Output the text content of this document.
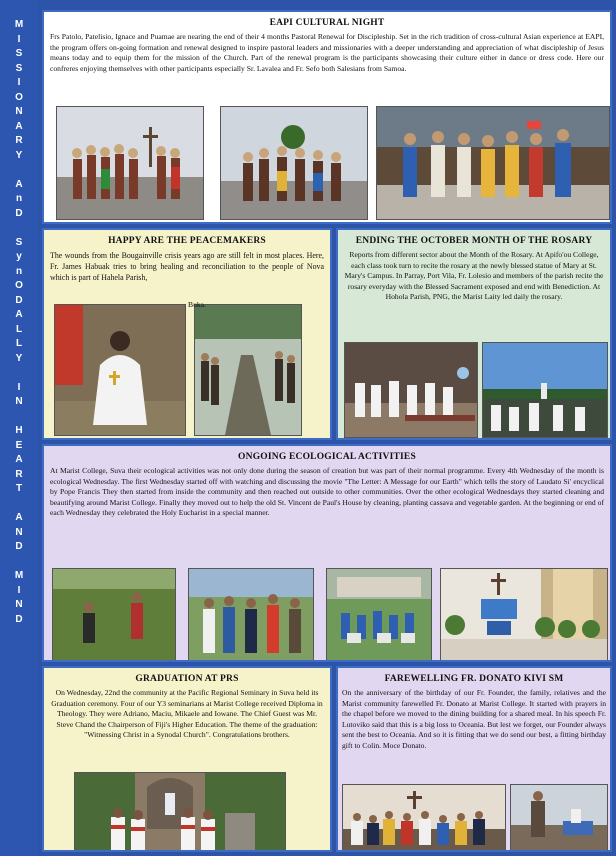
M
I
S
S
I
O
N
A
R
Y
A
n
D
S
y
n
O
D
A
L
L
Y
I
N
H
E
A
R
T
A
N
D
M
I
N
D
EAPI CULTURAL NIGHT

Frs Patolo, Patelisio, Ignace and Puamae are nearing the end of their 4 months Pastoral Renewal for Discipleship. Set in the rich tradition of cross-cultural Asian experience at EAPI, the program offers on-going formation and renewal designed to inspire pastoral leaders and missionaries with a deeper understanding and appreciation of what discipleship of Jesus means today and to equip them for the mission of the Church. Part of the renewal program is the participants showcasing their culture either in dance or dress code. Here our confreres enjoying themselves with other participants especially Sr. Lavalea and Fr. Sefo both Salesians from Samoa.

HAPPY ARE THE PEACEMAKERS

The wounds from the Bougainville crisis years ago are still felt in most places. Here, Fr. James Habuak tries to bring healing and reconciliation to the people of Nova which is part of Hahela Parish,

Buka.
ENDING THE OCTOBER MONTH OF THE ROSARY

Reports from different sector about the Month of the Rosary. At Apifo'ou College, each class took turn to recite the rosary at the newly blessed statue of Mary at St. Mary's Campus. In Parray, Port Vila, Fr. Lolesio and members of the parish recite the rosary everyday with the Blessed Sacrament exposed and end with Benediction. At Hohola Parish, PNG, the Marist Laity led daily the rosary.

ONGOING ECOLOGICAL ACTIVITIES

At Marist College, Suva their ecological activities was not only done during the season of creation but was part of their normal programme. Every 4th Wednesday of the month is ecological Wednesday. The first Wednesday started off with watching and discussing the movie "The Letter: A Message for our Earth" which tells the story of Laudato Si' encyclical by Pope Francis They then started from inside the community and then reached out outside to other communities. Over the other ecological Wednesdays they started cleaning and beautifying around Marist College. Finally they moved out to help the old St. Vincent de Paul's House by cleaning, planting cassava and vegetable garden. At the beginning or end of each Wednesday they celebrated the Holy Eucharist in a special manner.

GRADUATION AT PRS

On Wednesday, 22nd the community at the Pacific Regional Seminary in Suva held its Graduation ceremony. Four of our Y3 seminarians at Marist College received Diploma in Theology. They were Adriano, Maciu, Mikaele and Iowane. The Chief Guest was Mr. Steve Chand the Chairperson of Fiji's Higher Education. The theme of the graduation: "Witnessing Christ in a Synodal Church". Congratulations brothers.

FAREWELLING FR. DONATO KIVI SM

On the anniversary of the birthday of our Fr. Founder, the family, relatives and the Marist community farewelled Fr. Donato at Marist College. It started with prayers in the chapel before we moved to the dining building for a shared meal. In his speech Fr. Lutoviko said that this is a big loss to Oceania. But lest we forget, our Founder always sent the best to Oceania. And so it is fitting that we do send our best, a fitting birthday gift to Colin. Moce Donato.
